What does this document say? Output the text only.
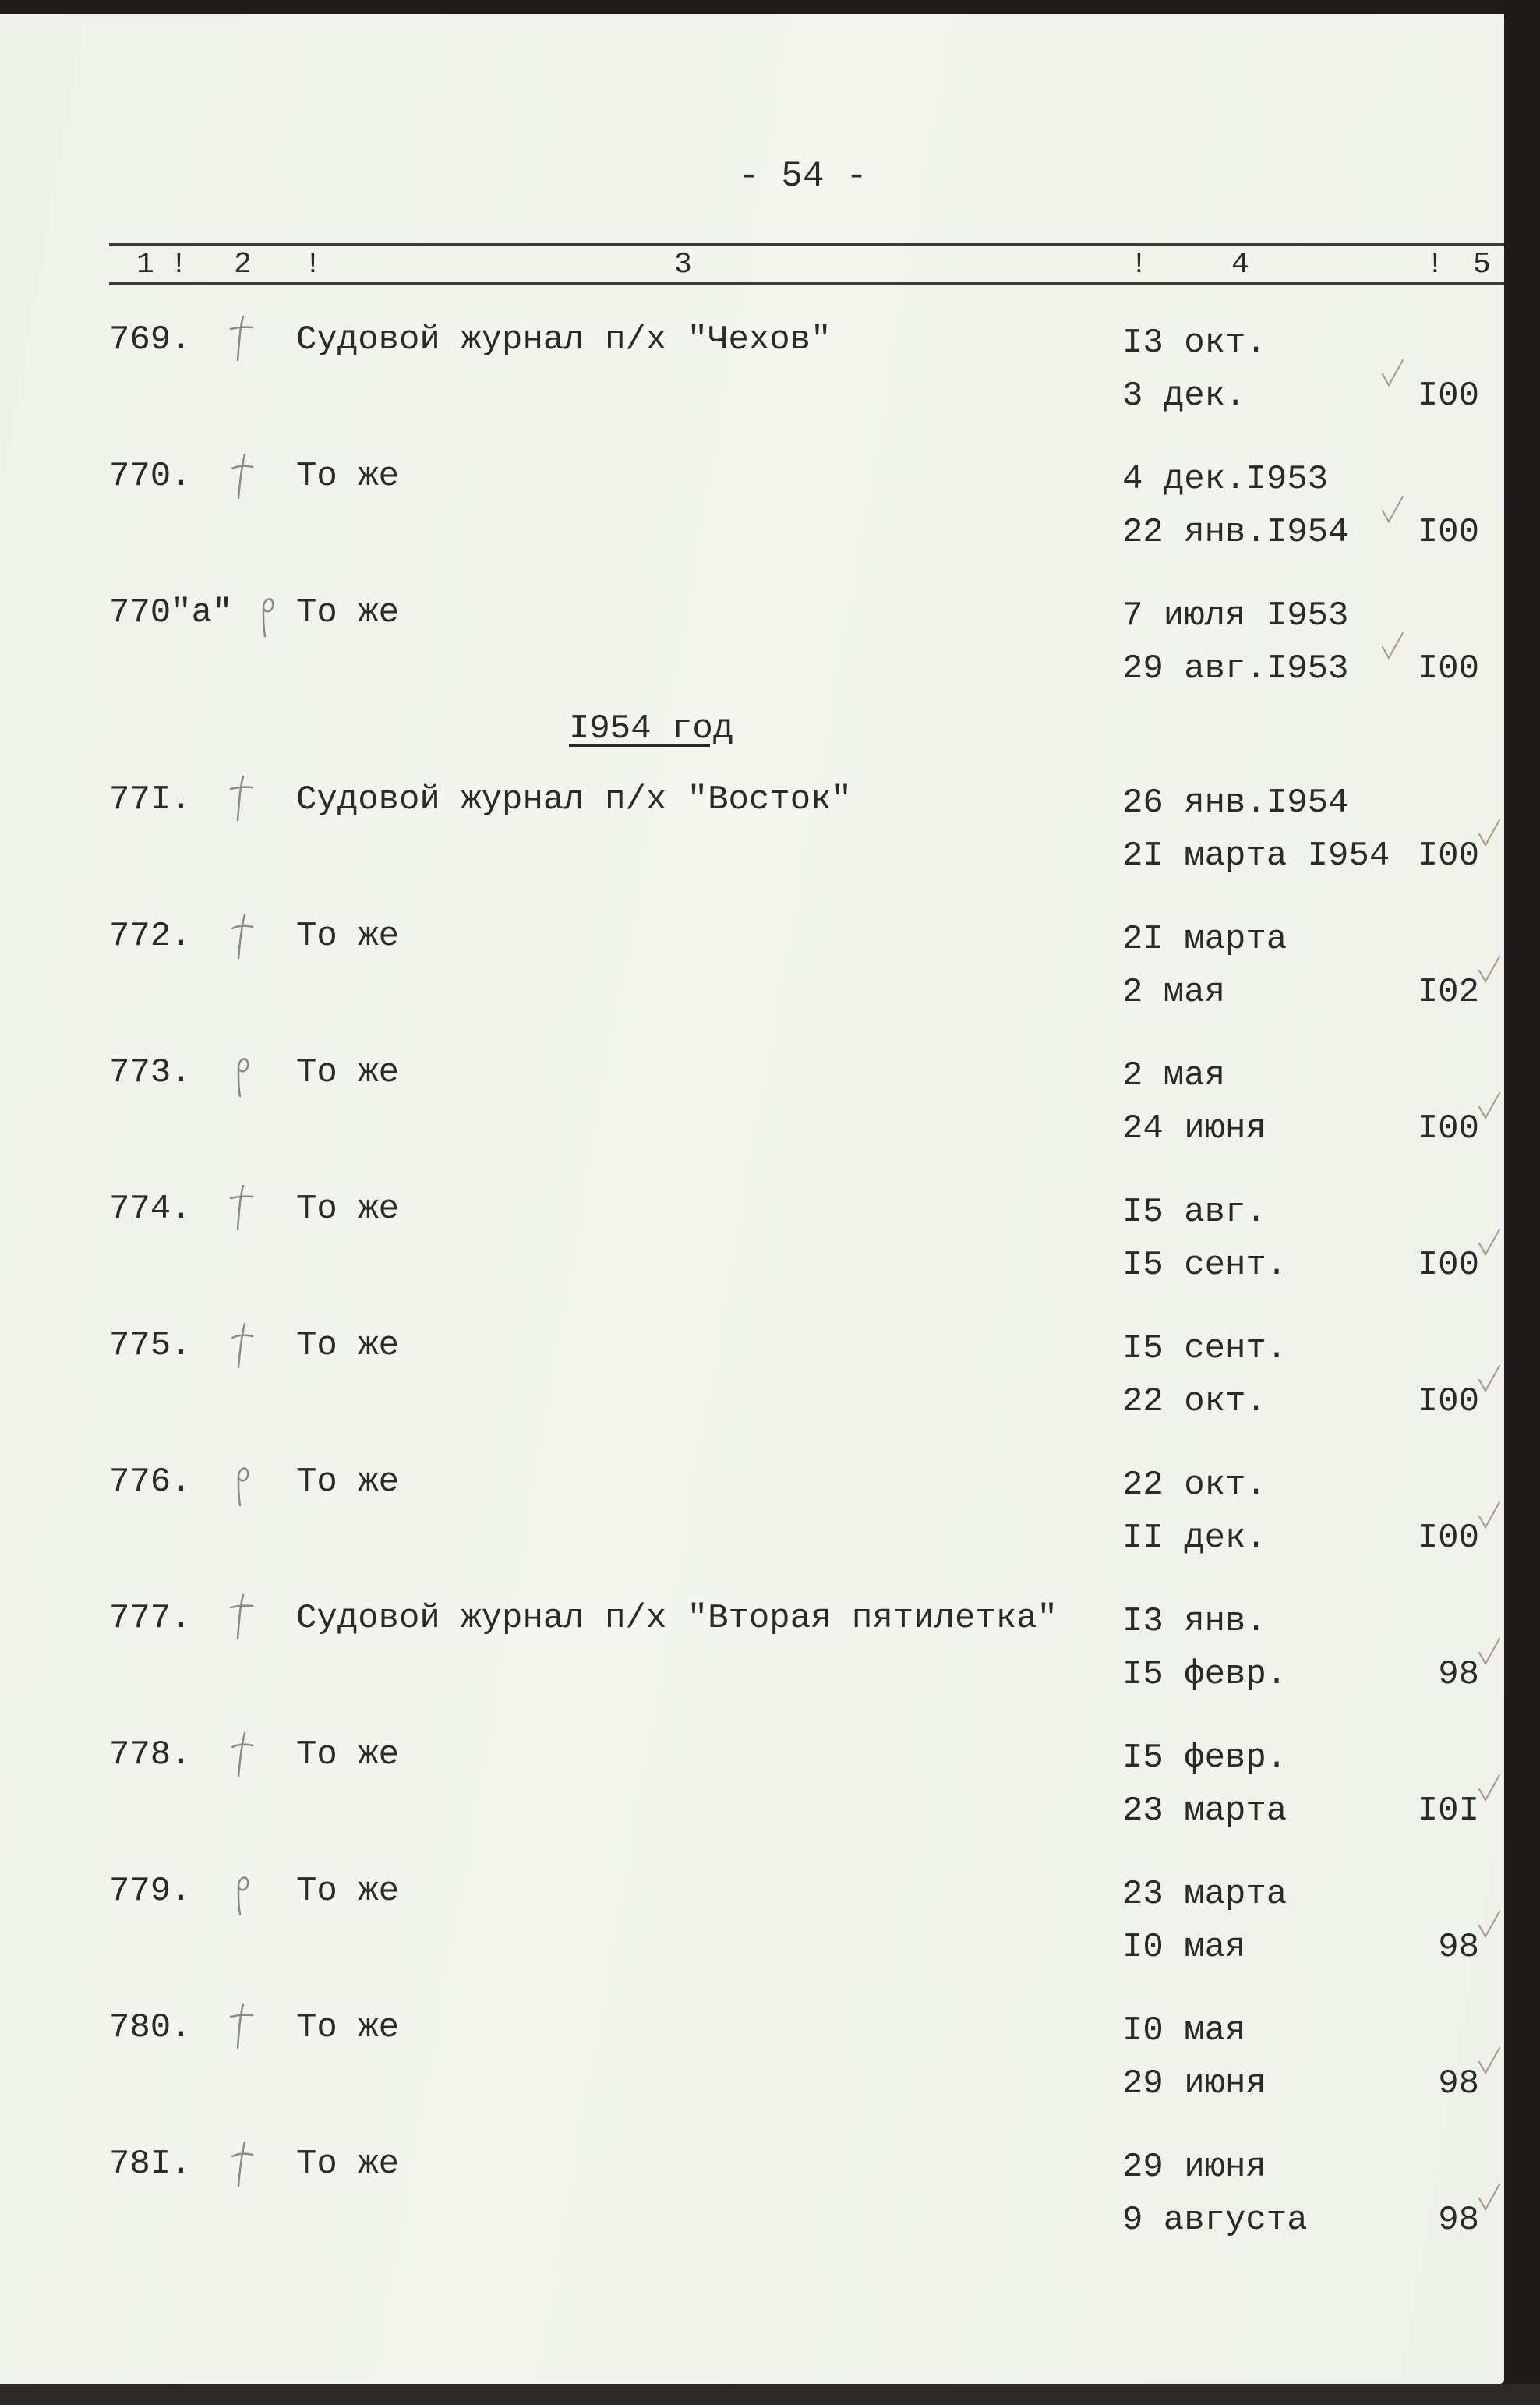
- 54 -
1 ! 2 !	3	!	4	! 5
I954 год
769.	Судовой журнал п/х "Чехов"	I3 окт.
3 дек.	I00
770.	То же	4 дек.I953
22 янв.I954 I00
770"а" То же	7 июля I953
29 авг.I953 I00
77I.	Судовой журнал п/х "Восток"	26 янв.I954
2I марта I954 I00
772.	То же	2I марта
2 мая	I02
773.	То же	2 мая
24 июня	I00
774.	То же	I5 авг.
I5 сент.	I00
775.	То же	I5 сент.
22 окт.	I00
776.	То же	22 окт.
II дек.	I00
777.	Судовой журнал п/х "Вторая пятилетка" I3 янв.
I5 февр.	98
778.	То же	I5 февр.
23 марта	I0I
779.	То же	23 марта
I0 мая	98
780.	То же	I0 мая
29 июня	98
78I.	То же	29 июня
9 августа	98
